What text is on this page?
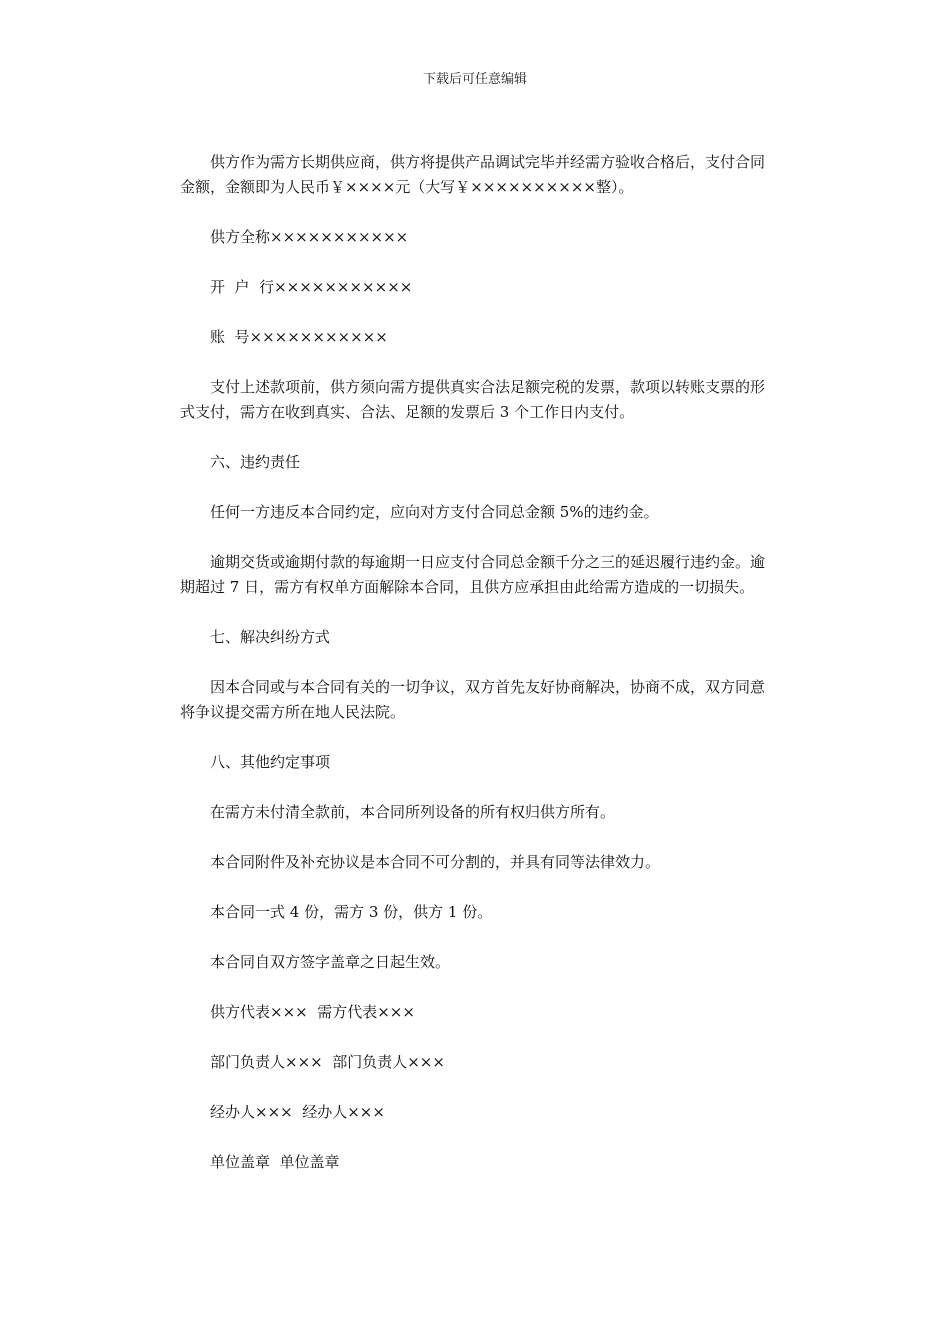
下载后可任意编辑

供方作为需方长期供应商，供方将提供产品调试完毕并经需方验收合格后，支付合同金额，金额即为人民币￥××××元（大写￥××××××××××整）。

供方全称×××××××××××

开  户  行×××××××××××

账  号×××××××××××

支付上述款项前，供方须向需方提供真实合法足额完税的发票，款项以转账支票的形式支付，需方在收到真实、合法、足额的发票后 3 个工作日内支付。

六、违约责任

任何一方违反本合同约定，应向对方支付合同总金额 5%的违约金。

逾期交货或逾期付款的每逾期一日应支付合同总金额千分之三的延迟履行违约金。逾期超过 7 日，需方有权单方面解除本合同，且供方应承担由此给需方造成的一切损失。

七、解决纠纷方式

因本合同或与本合同有关的一切争议，双方首先友好协商解决，协商不成，双方同意将争议提交需方所在地人民法院。

八、其他约定事项

在需方未付清全款前，本合同所列设备的所有权归供方所有。

本合同附件及补充协议是本合同不可分割的，并具有同等法律效力。

本合同一式 4 份，需方 3 份，供方 1 份。

本合同自双方签字盖章之日起生效。

供方代表×××  需方代表×××

部门负责人×××  部门负责人×××

经办人×××  经办人×××

单位盖章  单位盖章
